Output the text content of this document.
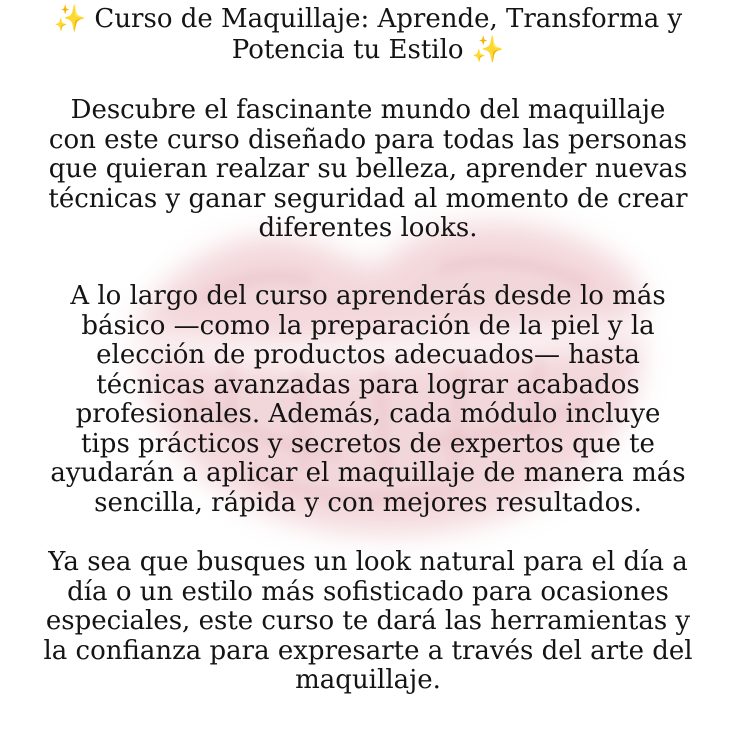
✨ Curso de Maquillaje: Aprende, Transforma y
Potencia tu Estilo ✨

Descubre el fascinante mundo del maquillaje
con este curso diseñado para todas las personas
que quieran realzar su belleza, aprender nuevas
técnicas y ganar seguridad al momento de crear
diferentes looks.

A lo largo del curso aprenderás desde lo más
básico —como la preparación de la piel y la
elección de productos adecuados— hasta
técnicas avanzadas para lograr acabados
profesionales. Además, cada módulo incluye
tips prácticos y secretos de expertos que te
ayudarán a aplicar el maquillaje de manera más
sencilla, rápida y con mejores resultados.

Ya sea que busques un look natural para el día a
día o un estilo más sofisticado para ocasiones
especiales, este curso te dará las herramientas y
la confianza para expresarte a través del arte del
maquillaje.
